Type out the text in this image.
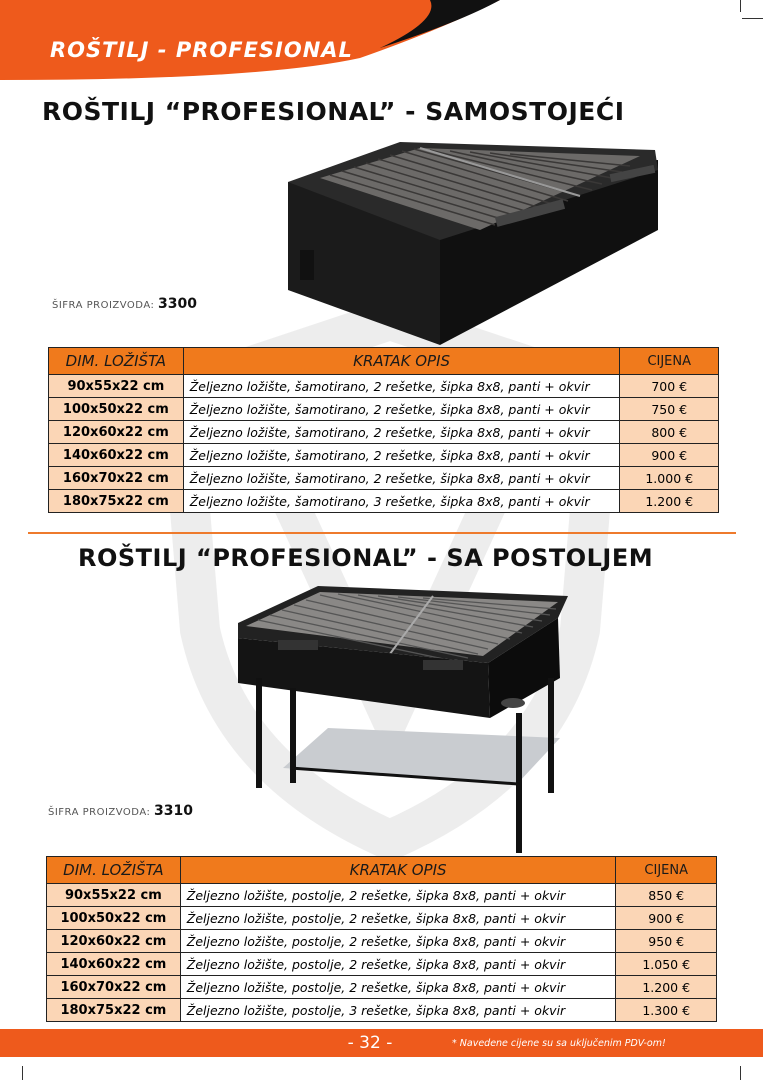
ROŠTILJ - PROFESIONAL
ROŠTILJ “PROFESIONAL” - SAMOSTOJEĆI
ŠIFRA PROIZVODA: 3300
DIM. LOŽIŠTA	KRATAK OPIS	CIJENA
90x55x22 cm	Željezno ložište, šamotirano, 2 rešetke, šipka 8x8, panti + okvir	700 €
100x50x22 cm	Željezno ložište, šamotirano, 2 rešetke, šipka 8x8, panti + okvir	750 €
120x60x22 cm	Željezno ložište, šamotirano, 2 rešetke, šipka 8x8, panti + okvir	800 €
140x60x22 cm	Željezno ložište, šamotirano, 2 rešetke, šipka 8x8, panti + okvir	900 €
160x70x22 cm	Željezno ložište, šamotirano, 2 rešetke, šipka 8x8, panti + okvir	1.000 €
180x75x22 cm	Željezno ložište, šamotirano, 3 rešetke, šipka 8x8, panti + okvir	1.200 €
ROŠTILJ “PROFESIONAL” - SA POSTOLJEM
ŠIFRA PROIZVODA: 3310
DIM. LOŽIŠTA	KRATAK OPIS	CIJENA
90x55x22 cm	Željezno ložište, postolje, 2 rešetke, šipka 8x8, panti + okvir	850 €
100x50x22 cm	Željezno ložište, postolje, 2 rešetke, šipka 8x8, panti + okvir	900 €
120x60x22 cm	Željezno ložište, postolje, 2 rešetke, šipka 8x8, panti + okvir	950 €
140x60x22 cm	Željezno ložište, postolje, 2 rešetke, šipka 8x8, panti + okvir	1.050 €
160x70x22 cm	Željezno ložište, postolje, 2 rešetke, šipka 8x8, panti + okvir	1.200 €
180x75x22 cm	Željezno ložište, postolje, 3 rešetke, šipka 8x8, panti + okvir	1.300 €
- 32 -	* Navedene cijene su sa uključenim PDV-om!
